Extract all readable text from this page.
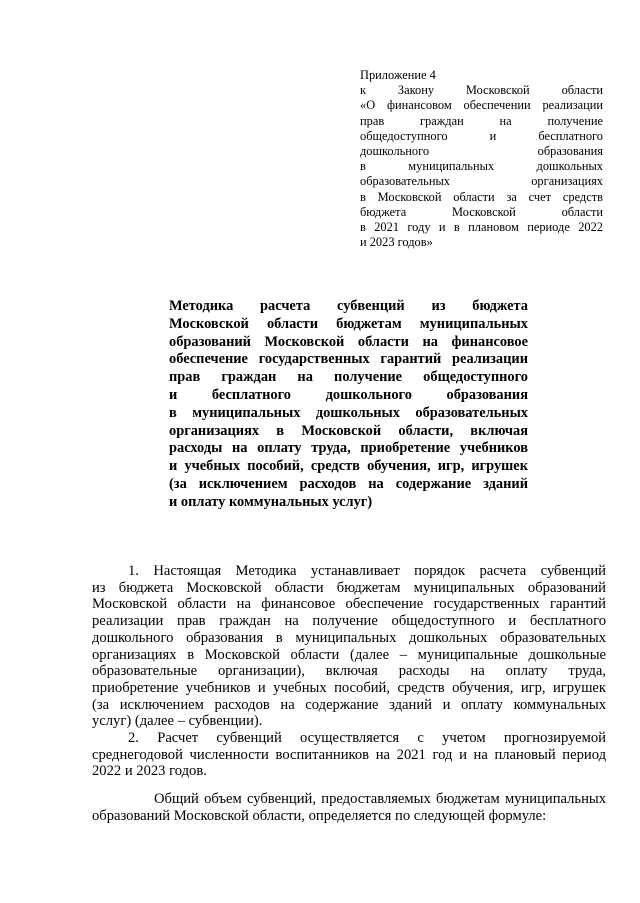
Приложение 4
к Закону Московской области
«О финансовом обеспечении реализации
прав граждан на получение
общедоступного и бесплатного
дошкольного образования
в муниципальных дошкольных
образовательных организациях
в Московской области за счет средств
бюджета Московской области
в 2021 году и в плановом периоде 2022
и 2023 годов»
Методика расчета субвенций из бюджета
Московской области бюджетам муниципальных
образований Московской области на финансовое
обеспечение государственных гарантий реализации
прав граждан на получение общедоступного
и бесплатного дошкольного образования
в муниципальных дошкольных образовательных
организациях в Московской области, включая
расходы на оплату труда, приобретение учебников
и учебных пособий, средств обучения, игр, игрушек
(за исключением расходов на содержание зданий
и оплату коммунальных услуг)
1. Настоящая Методика устанавливает порядок расчета субвенций
из бюджета Московской области бюджетам муниципальных образований
Московской области на финансовое обеспечение государственных гарантий
реализации прав граждан на получение общедоступного и бесплатного
дошкольного образования в муниципальных дошкольных образовательных
организациях в Московской области (далее – муниципальные дошкольные
образовательные организации), включая расходы на оплату труда,
приобретение учебников и учебных пособий, средств обучения, игр, игрушек
(за исключением расходов на содержание зданий и оплату коммунальных
услуг) (далее – субвенции).
2. Расчет субвенций осуществляется с учетом прогнозируемой
среднегодовой численности воспитанников на 2021 год и на плановый период
2022 и 2023 годов.
Общий объем субвенций, предоставляемых бюджетам муниципальных
образований Московской области, определяется по следующей формуле:
